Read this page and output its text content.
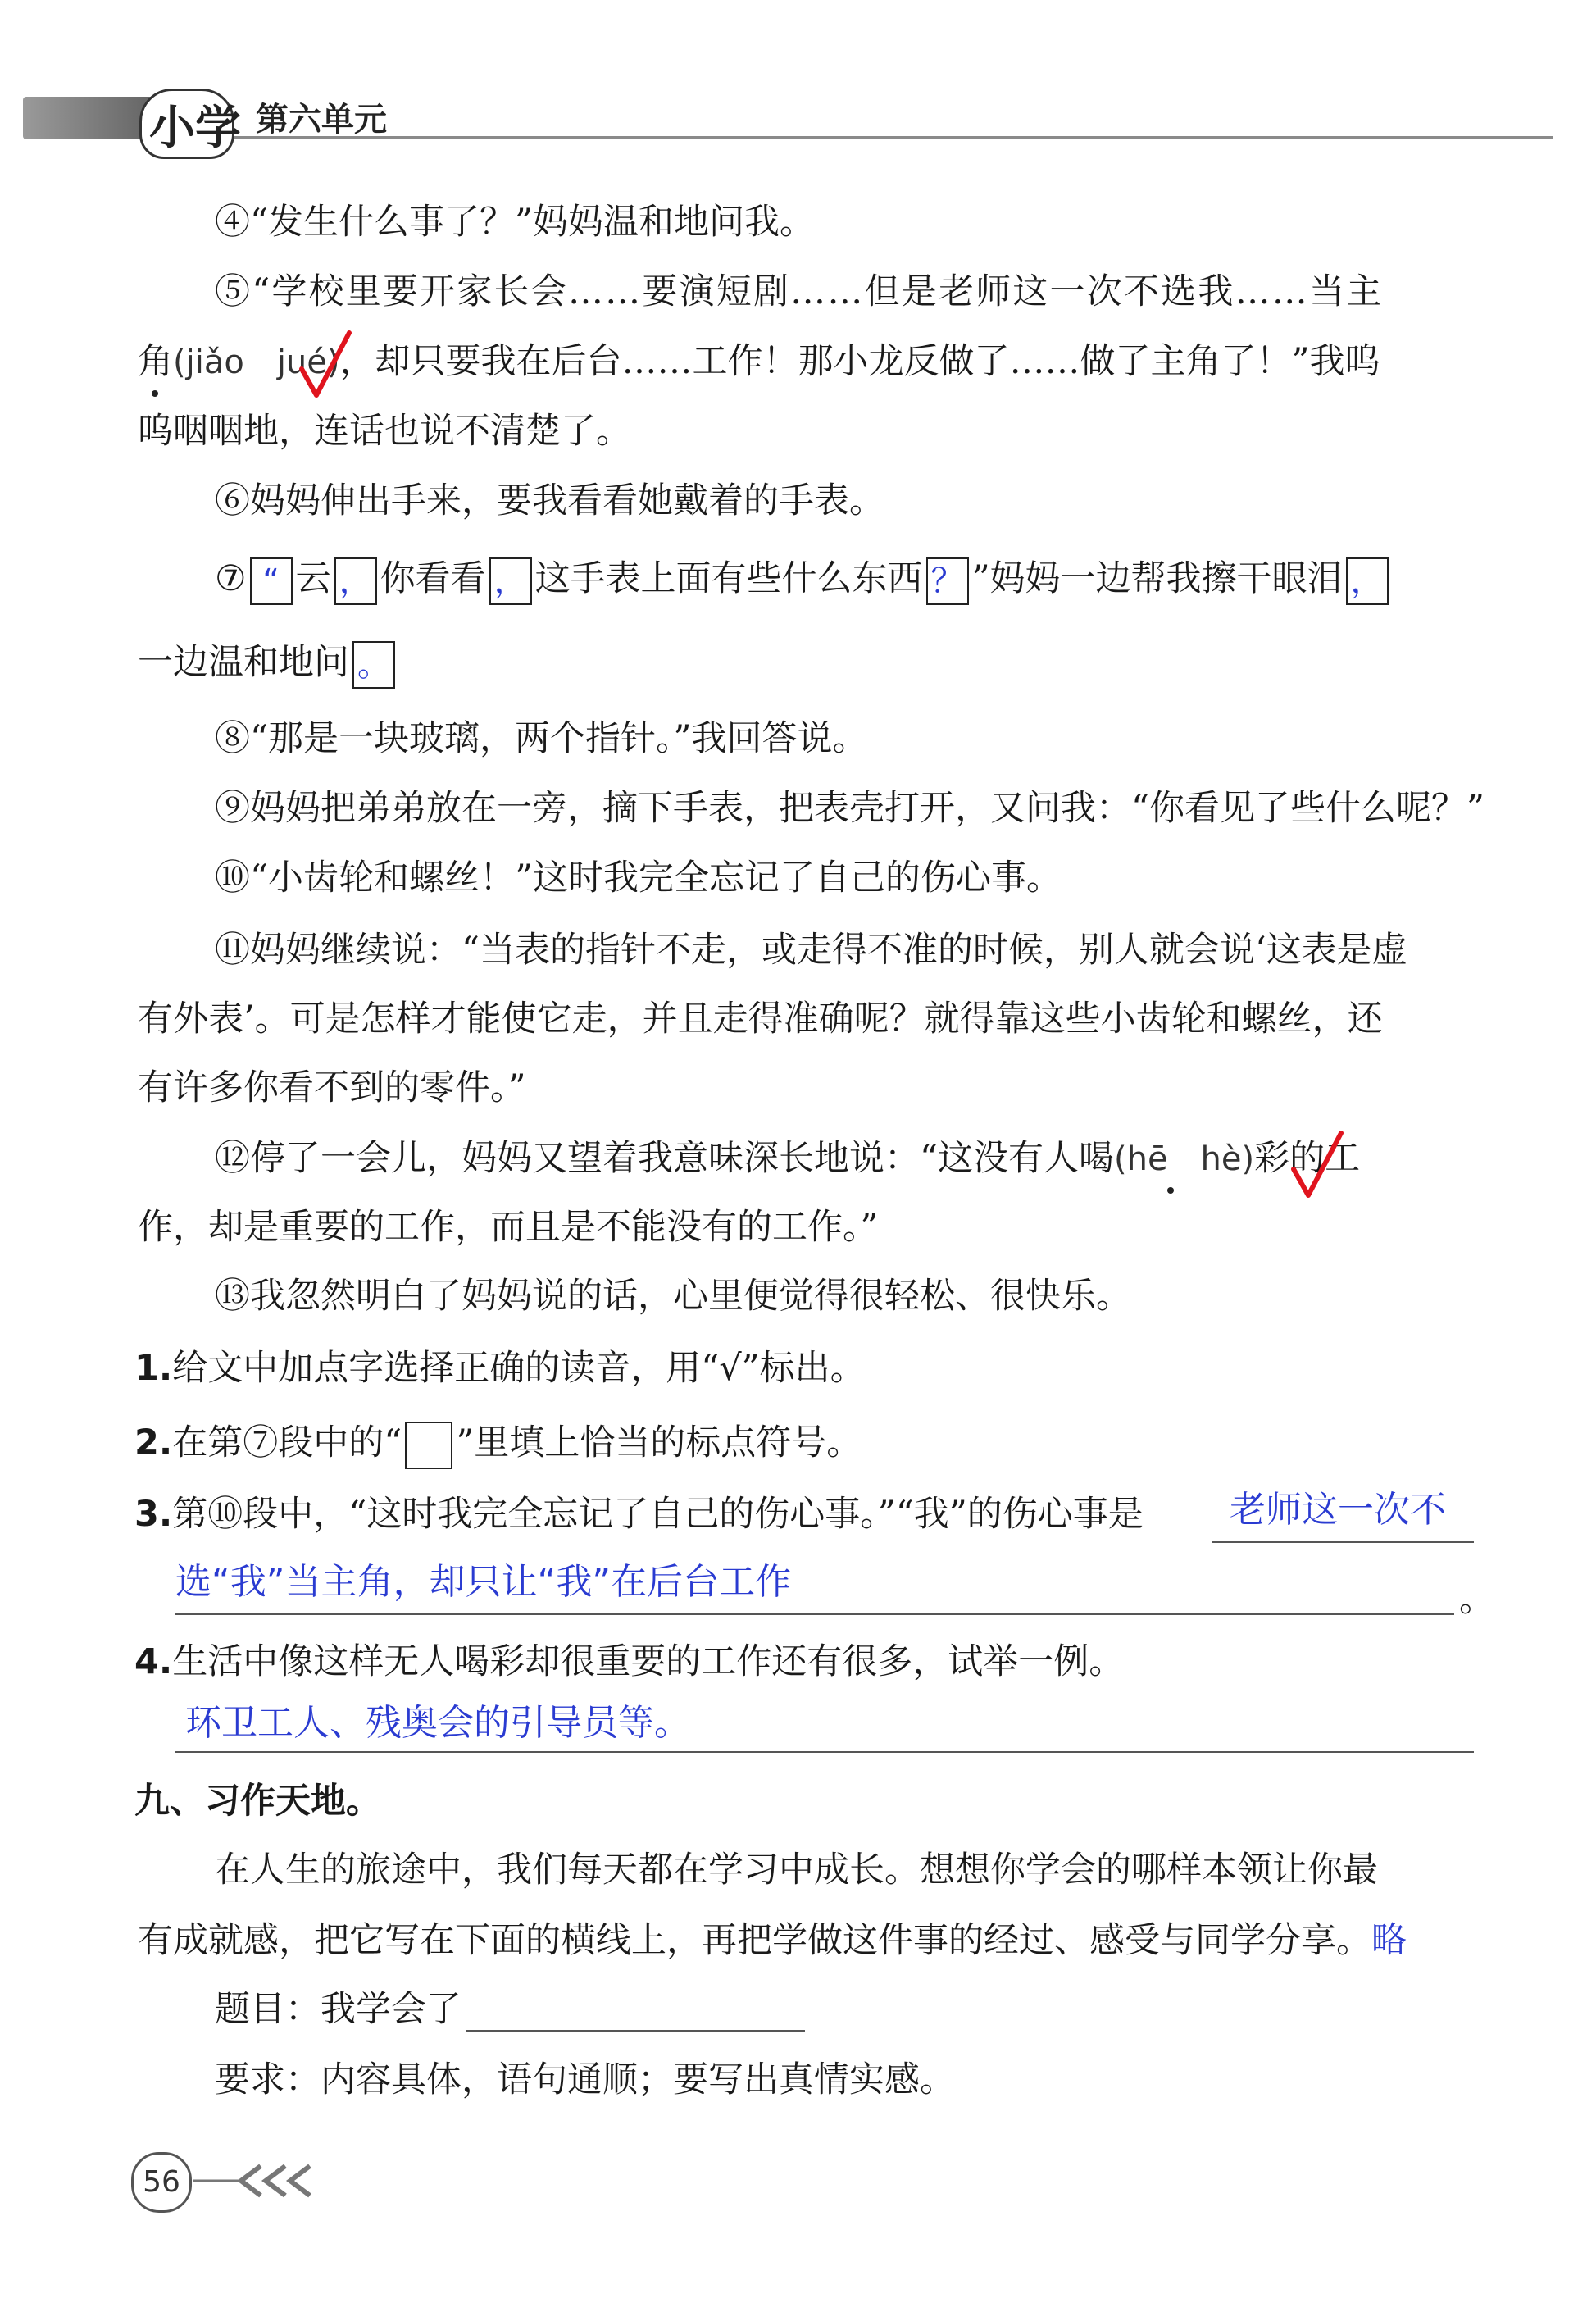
小学 第六单元
④“发生什么事了？”妈妈温和地问我。
⑤“学校里要开家长会……要演短剧……但是老师这一次不选我……当主
角(jiǎo　jué)，却只要我在后台……工作！那小龙反做了……做了主角了！”我呜
呜咽咽地，连话也说不清楚了。
⑥妈妈伸出手来，要我看看她戴着的手表。
⑦ “ 云 ， 你看看 ， 这手表上面有些什么东西 ？ ”妈妈一边帮我擦干眼泪 ，
一边温和地问 。
⑧“那是一块玻璃，两个指针。”我回答说。
⑨妈妈把弟弟放在一旁，摘下手表，把表壳打开，又问我：“你看见了些什么呢？”
⑩“小齿轮和螺丝！”这时我完全忘记了自己的伤心事。
⑪妈妈继续说：“当表的指针不走，或走得不准的时候，别人就会说‘这表是虚
有外表’。可是怎样才能使它走，并且走得准确呢？就得靠这些小齿轮和螺丝，还
有许多你看不到的零件。”
⑫停了一会儿，妈妈又望着我意味深长地说：“这没有人喝(hē　hè)彩的工
作，却是重要的工作，而且是不能没有的工作。”
⑬我忽然明白了妈妈说的话，心里便觉得很轻松、很快乐。
1.给文中加点字选择正确的读音，用“√”标出。
2.在第⑦段中的“ ”里填上恰当的标点符号。
3.第⑩段中，“这时我完全忘记了自己的伤心事。”“我”的伤心事是 老师这一次不
选“我”当主角，却只让“我”在后台工作	。
4.生活中像这样无人喝彩却很重要的工作还有很多，试举一例。
环卫工人、残奥会的引导员等。
九、习作天地。
在人生的旅途中，我们每天都在学习中成长。想想你学会的哪样本领让你最
有成就感，把它写在下面的横线上，再把学做这件事的经过、感受与同学分享。略
题目：我学会了
要求：内容具体，语句通顺；要写出真情实感。
56
